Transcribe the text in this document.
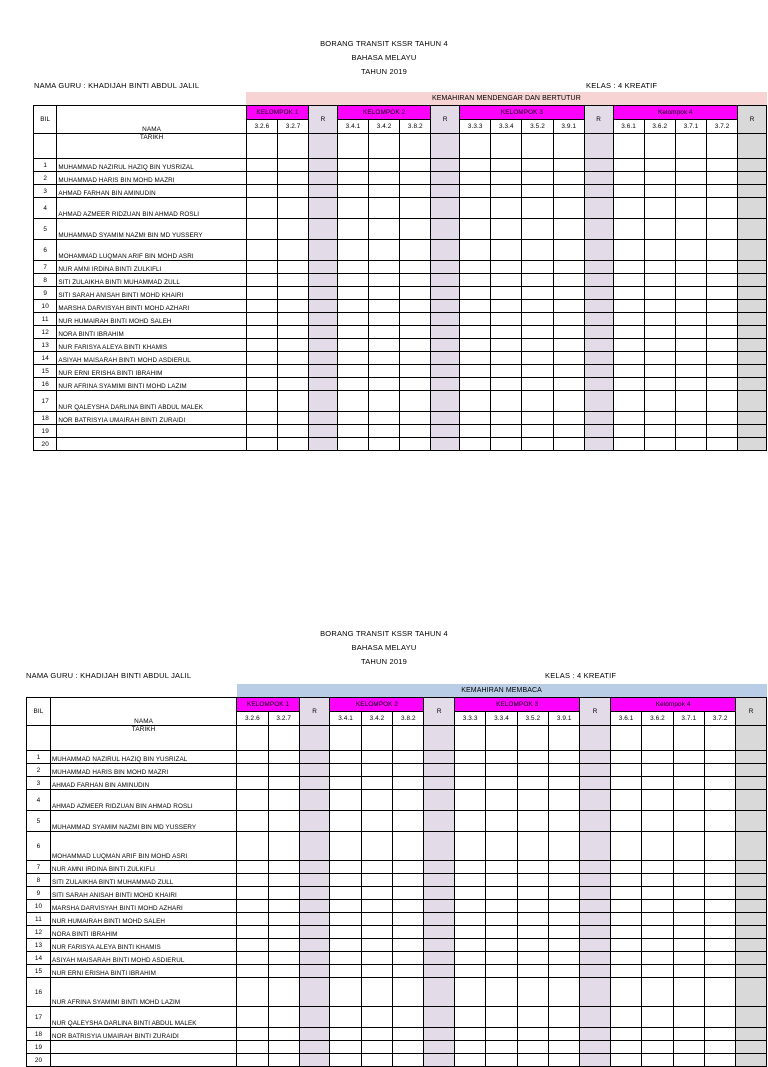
BORANG TRANSIT KSSR TAHUN 4
BAHASA MELAYU
TAHUN 2019
NAMA GURU : KHADIJAH BINTI ABDUL JALIL	KELAS : 4 KREATIF
		KEMAHIRAN MENDENGAR DAN BERTUTUR																
BIL	NAMA	KELOMPOK 1		R	KELOMPOK 2			R	KELOMPOK 3				R	Kelompok 4				R
		3.2.6	3.2.7		3.4.1	3.4.2	3.8.2		3.3.3	3.3.4	3.5.2	3.9.1		3.6.1	3.6.2	3.7.1	3.7.2	
	TARIKH																	
1	MUHAMMAD NAZIRUL HAZIQ BIN YUSRIZAL																	
2	MUHAMMAD HARIS BIN MOHD MAZRI																	
3	AHMAD FARHAN BIN AMINUDIN																	
4	AHMAD AZMEER RIDZUAN BIN AHMAD ROSLI																	
5	MUHAMMAD SYAMIM NAZMI BIN MD YUSSERY																	
6	MOHAMMAD LUQMAN ARIF BIN MOHD ASRI																	
7	NUR AMNI IRDINA BINTI ZULKIFLI																	
8	SITI ZULAIKHA BINTI MUHAMMAD ZULL																	
9	SITI SARAH ANISAH BINTI MOHD KHAIRI																	
10	MARSHA DARVISYAH BINTI MOHD AZHARI																	
11	NUR HUMAIRAH BINTI MOHD SALEH																	
12	NORA BINTI IBRAHIM																	
13	NUR FARISYA ALEYA BINTI KHAMIS																	
14	ASIYAH MAISARAH BINTI MOHD ASDIERUL																	
15	NUR ERNI ERISHA BINTI IBRAHIM																	
16	NUR AFRINA SYAMIMI BINTI MOHD LAZIM																	
17	NUR QALEYSHA DARLINA BINTI ABDUL MALEK																	
18	NOR BATRISYIA UMAIRAH BINTI ZURAIDI																	
19																		
20																		
BORANG TRANSIT KSSR TAHUN 4
BAHASA MELAYU
TAHUN 2019
NAMA GURU : KHADIJAH BINTI ABDUL JALIL	KELAS : 4 KREATIF
		KEMAHIRAN MEMBACA																
BIL	NAMA	KELOMPOK 1		R	KELOMPOK 2			R	KELOMPOK 3				R	Kelompok 4				R
		3.2.6	3.2.7		3.4.1	3.4.2	3.8.2		3.3.3	3.3.4	3.5.2	3.9.1		3.6.1	3.6.2	3.7.1	3.7.2	
	TARIKH																	
1	MUHAMMAD NAZIRUL HAZIQ BIN YUSRIZAL																	
2	MUHAMMAD HARIS BIN MOHD MAZRI																	
3	AHMAD FARHAN BIN AMINUDIN																	
4	AHMAD AZMEER RIDZUAN BIN AHMAD ROSLI																	
5	MUHAMMAD SYAMIM NAZMI BIN MD YUSSERY																	
6	MOHAMMAD LUQMAN ARIF BIN MOHD ASRI																	
7	NUR AMNI IRDINA BINTI ZULKIFLI																	
8	SITI ZULAIKHA BINTI MUHAMMAD ZULL																	
9	SITI SARAH ANISAH BINTI MOHD KHAIRI																	
10	MARSHA DARVISYAH BINTI MOHD AZHARI																	
11	NUR HUMAIRAH BINTI MOHD SALEH																	
12	NORA BINTI IBRAHIM																	
13	NUR FARISYA ALEYA BINTI KHAMIS																	
14	ASIYAH MAISARAH BINTI MOHD ASDIERUL																	
15	NUR ERNI ERISHA BINTI IBRAHIM																	
16	NUR AFRINA SYAMIMI BINTI MOHD LAZIM																	
17	NUR QALEYSHA DARLINA BINTI ABDUL MALEK																	
18	NOR BATRISYIA UMAIRAH BINTI ZURAIDI																	
19																		
20																		
